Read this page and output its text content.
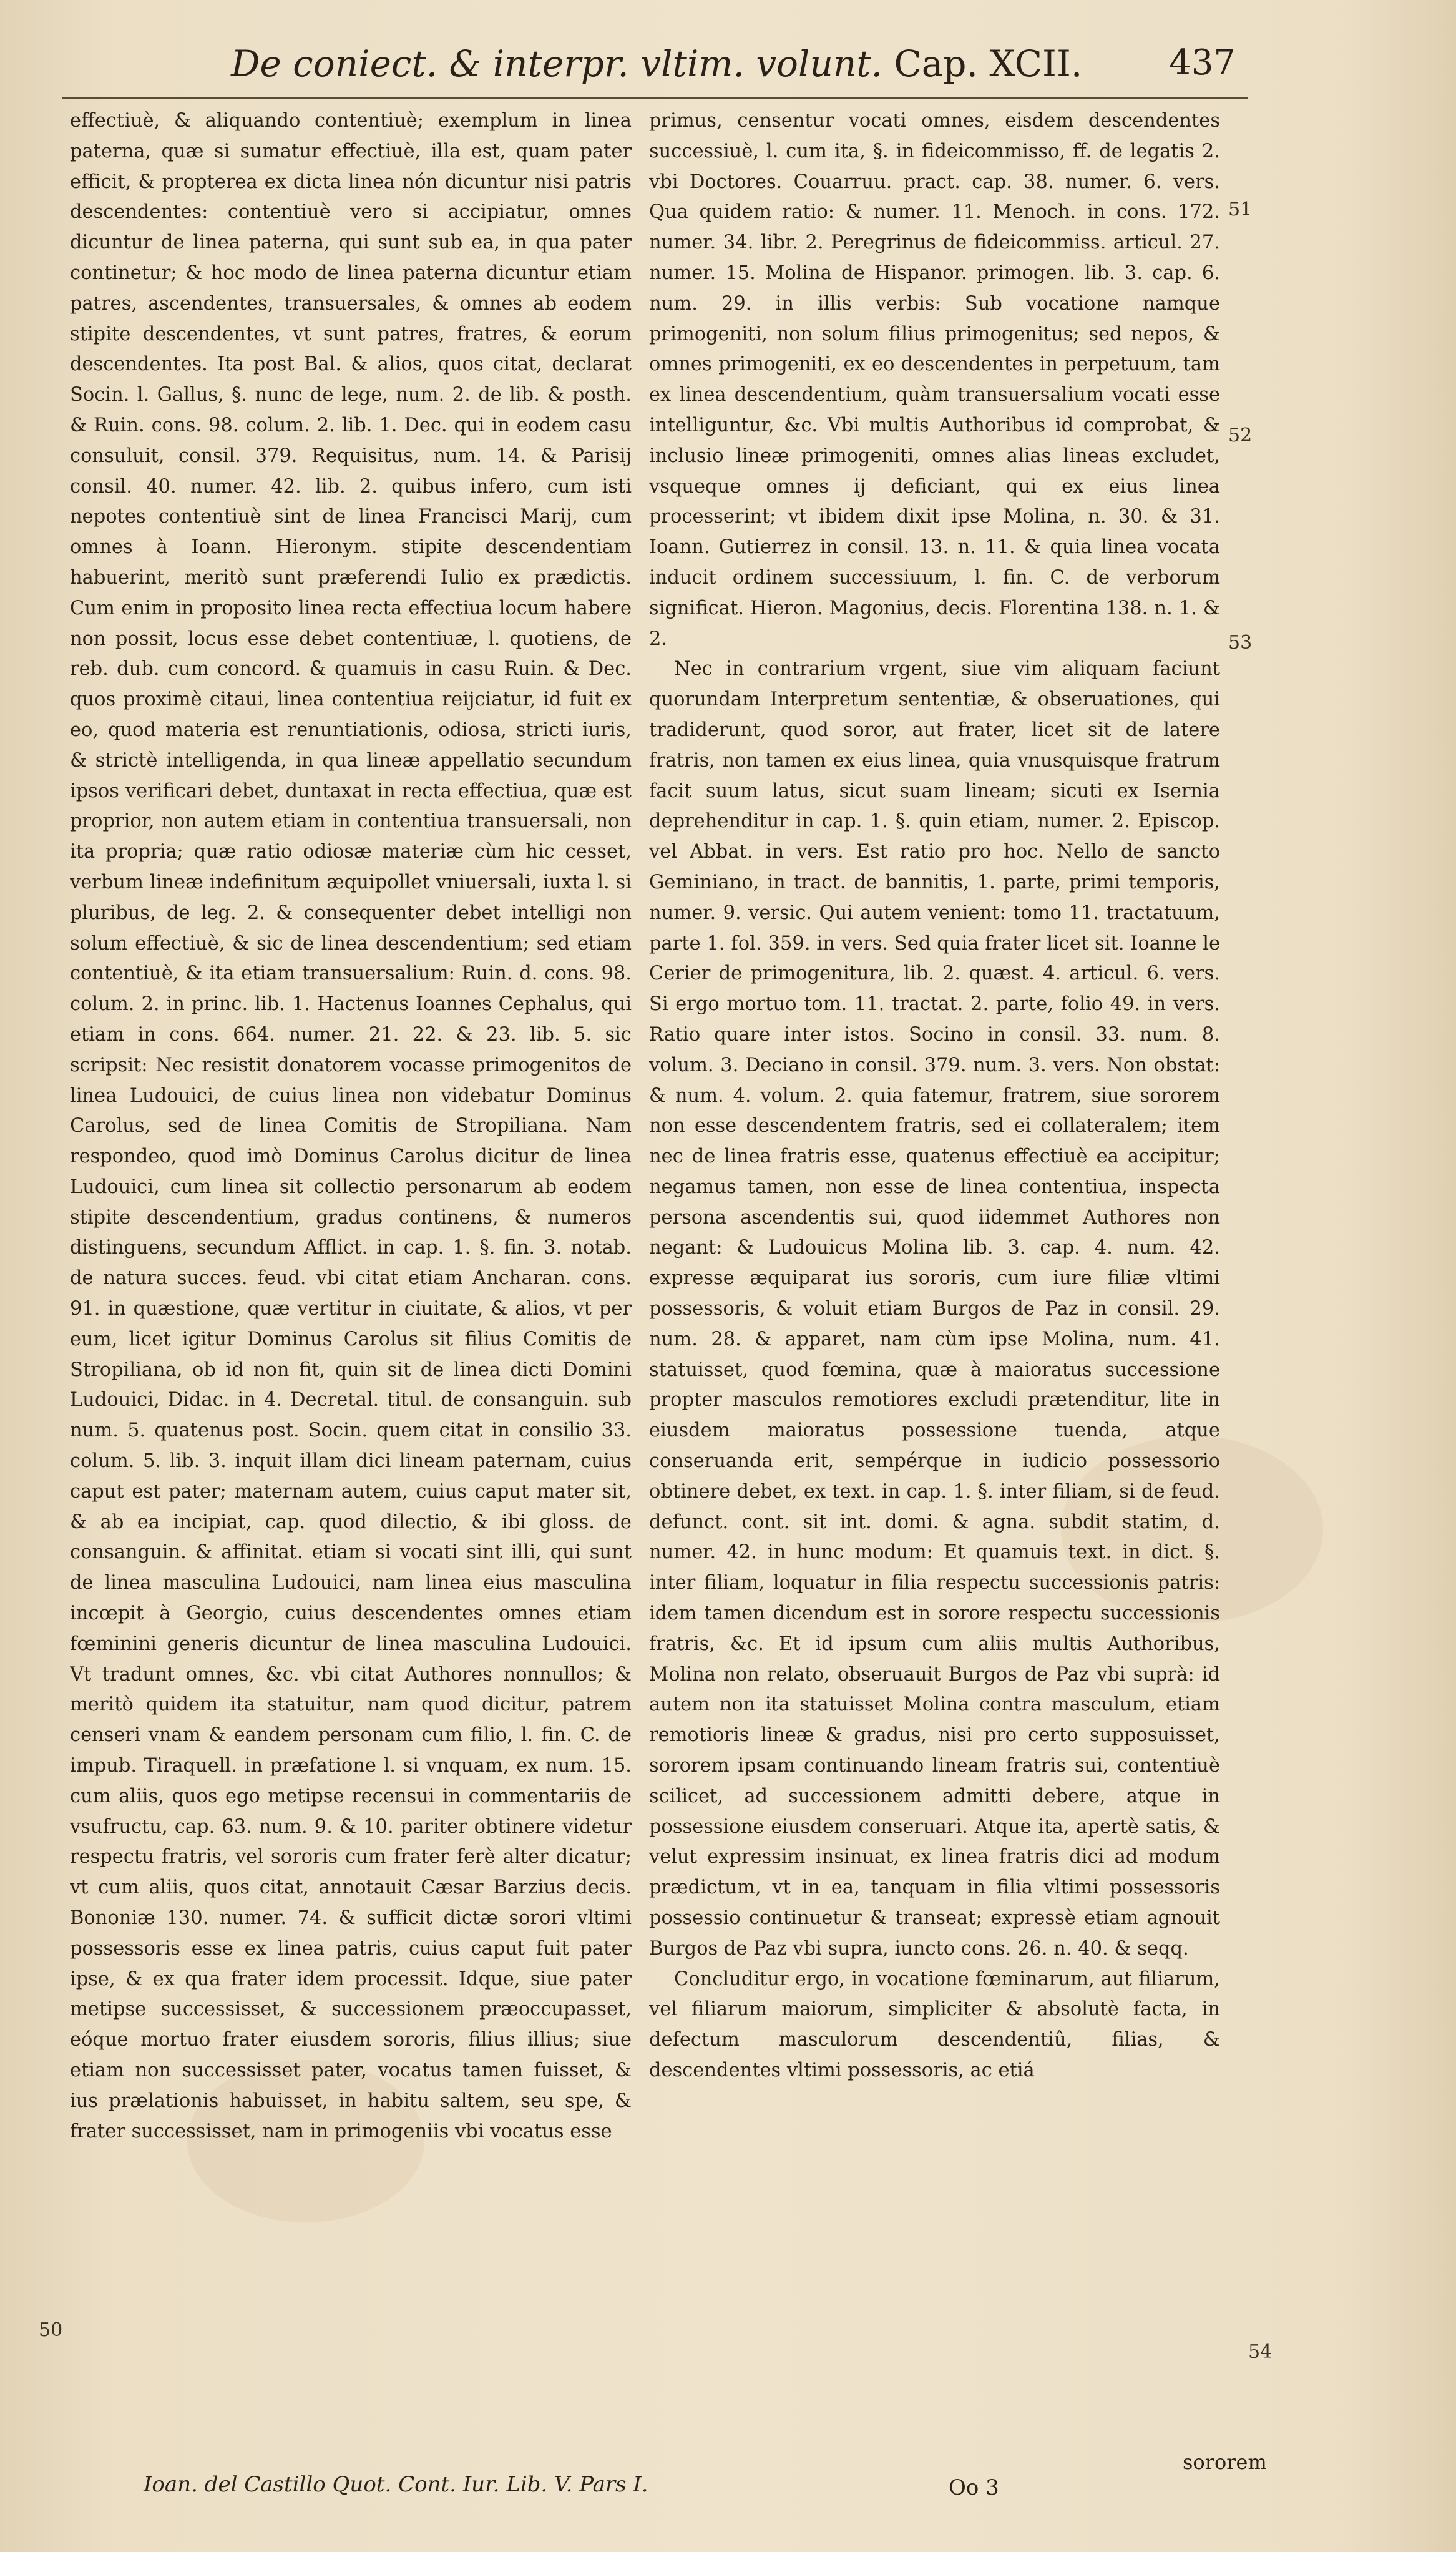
De coniect. & interpr. vltim. volunt. Cap. XCII. 437

effectiuè, & aliquando contentiuè; exemplum in linea paterna, quæ si sumatur effectiuè, illa est, quam pater efficit, & propterea ex dicta linea nón dicuntur nisi patris descendentes: contentiuè vero si accipiatur, omnes dicuntur de linea paterna, qui sunt sub ea, in qua pater continetur; & hoc modo de linea paterna dicuntur etiam patres, ascendentes, transuersales, & omnes ab eodem stipite descendentes, vt sunt patres, fratres, & eorum descendentes. Ita post Bal. & alios, quos citat, declarat Socin. l. Gallus, §. nunc de lege, num. 2. de lib. & posth. & Ruin. cons. 98. colum. 2. lib. 1. Dec. qui in eodem casu consuluit, consil. 379. Requisitus, num. 14. & Parisij consil. 40. numer. 42. lib. 2. quibus infero, cum isti nepotes contentiuè sint de linea Francisci Marij, cum omnes à Ioann. Hieronym. stipite descendentiam habuerint, meritò sunt præferendi Iulio ex prædictis. Cum enim in proposito linea recta effectiua locum habere non possit, locus esse debet contentiuæ, l. quotiens, de reb. dub. cum concord. & quamuis in casu Ruin. & Dec. quos proximè citaui, linea contentiua reijciatur, id fuit ex eo, quod materia est renuntiationis, odiosa, stricti iuris, & strictè intelligenda, in qua lineæ appellatio secundum ipsos verificari debet, duntaxat in recta effectiua, quæ est proprior, non autem etiam in contentiua transuersali, non ita propria; quæ ratio odiosæ materiæ cùm hic cesset, verbum lineæ indefinitum æquipollet vniuersali, iuxta l. si pluribus, de leg. 2. & consequenter debet intelligi non solum effectiuè, & sic de linea descendentium; sed etiam contentiuè, & ita etiam transuersalium: Ruin. d. cons. 98. colum. 2. in princ. lib. 1. Hactenus Ioannes Cephalus, qui etiam in cons. 664. numer. 21. 22. & 23. lib. 5. sic scripsit: Nec resistit donatorem vocasse primogenitos de linea Ludouici, de cuius linea non videbatur Dominus Carolus, sed de linea Comitis de Stropiliana. Nam respondeo, quod imò Dominus Carolus dicitur de linea Ludouici, cum linea sit collectio personarum ab eodem stipite descendentium, gradus continens, & numeros distinguens, secundum Afflict. in cap. 1. §. fin. 3. notab. de natura succes. feud. vbi citat etiam Ancharan. cons. 91. in quæstione, quæ vertitur in ciuitate, & alios, vt per eum, licet igitur Dominus Carolus sit filius Comitis de Stropiliana, ob id non fit, quin sit de linea dicti Domini Ludouici, Didac. in 4. Decretal. titul. de consanguin. sub num. 5. quatenus post. Socin. quem citat in consilio 33. colum. 5. lib. 3. inquit illam dici lineam paternam, cuius caput est pater; maternam autem, cuius caput mater sit, & ab ea incipiat, cap. quod dilectio, & ibi gloss. de consanguin. & affinitat. etiam si vocati sint illi, qui sunt de linea masculina Ludouici, nam linea eius masculina incœpit à Georgio, cuius descendentes omnes etiam fœminini generis dicuntur de linea masculina Ludouici. Vt tradunt omnes, &c. vbi citat Authores nonnullos; & meritò quidem ita statuitur, nam quod dicitur, patrem censeri vnam & eandem personam cum filio, l. fin. C. de impub. Tiraquell. in præfatione l. si vnquam, ex num. 15. cum aliis, quos ego metipse recensui in commentariis de vsufructu, cap. 63. num. 9. & 10. pariter obtinere videtur respectu fratris, vel sororis cum frater ferè alter dicatur; vt cum aliis, quos citat, annotauit Cæsar Barzius decis. Bononiæ 130. numer. 74. & sufficit dictæ sorori vltimi possessoris esse ex linea patris, cuius caput fuit pater ipse, & ex qua frater idem processit. Idque, siue pater metipse successisset, & successionem præoccupasset, eóque mortuo frater eiusdem sororis, filius illius; siue etiam non successisset pater, vocatus tamen fuisset, & ius prælationis habuisset, in habitu saltem, seu spe, & frater successisset, nam in primogeniis vbi vocatus esse

primus, censentur vocati omnes, eisdem descendentes successiuè, l. cum ita, §. in fideicommisso, ff. de legatis 2. vbi Doctores. Couarruu. pract. cap. 38. numer. 6. vers. Qua quidem ratio: & numer. 11. Menoch. in cons. 172. numer. 34. libr. 2. Peregrinus de fideicommiss. articul. 27. numer. 15. Molina de Hispanor. primogen. lib. 3. cap. 6. num. 29. in illis verbis: Sub vocatione namque primogeniti, non solum filius primogenitus; sed nepos, & omnes primogeniti, ex eo descendentes in perpetuum, tam ex linea descendentium, quàm transuersalium vocati esse intelliguntur, &c. Vbi multis Authoribus id comprobat, & inclusio lineæ primogeniti, omnes alias lineas excludet, vsqueque omnes ij deficiant, qui ex eius linea processerint; vt ibidem dixit ipse Molina, n. 30. & 31. Ioann. Gutierrez in consil. 13. n. 11. & quia linea vocata inducit ordinem successiuum, l. fin. C. de verborum significat. Hieron. Magonius, decis. Florentina 138. n. 1. & 2.

Nec in contrarium vrgent, siue vim aliquam faciunt quorundam Interpretum sententiæ, & obseruationes, qui tradiderunt, quod soror, aut frater, licet sit de latere fratris, non tamen ex eius linea, quia vnusquisque fratrum facit suum latus, sicut suam lineam; sicuti ex Isernia deprehenditur in cap. 1. §. quin etiam, numer. 2. Episcop. vel Abbat. in vers. Est ratio pro hoc. Nello de sancto Geminiano, in tract. de bannitis, 1. parte, primi temporis, numer. 9. versic. Qui autem venient: tomo 11. tractatuum, parte 1. fol. 359. in vers. Sed quia frater licet sit. Ioanne le Cerier de primogenitura, lib. 2. quæst. 4. articul. 6. vers. Si ergo mortuo tom. 11. tractat. 2. parte, folio 49. in vers. Ratio quare inter istos. Socino in consil. 33. num. 8. volum. 3. Deciano in consil. 379. num. 3. vers. Non obstat: & num. 4. volum. 2. quia fatemur, fratrem, siue sororem non esse descendentem fratris, sed ei collateralem; item nec de linea fratris esse, quatenus effectiuè ea accipitur; negamus tamen, non esse de linea contentiua, inspecta persona ascendentis sui, quod iidemmet Authores non negant: & Ludouicus Molina lib. 3. cap. 4. num. 42. expresse æquiparat ius sororis, cum iure filiæ vltimi possessoris, & voluit etiam Burgos de Paz in consil. 29. num. 28. & apparet, nam cùm ipse Molina, num. 41. statuisset, quod fœmina, quæ à maioratus successione propter masculos remotiores excludi prætenditur, lite in eiusdem maioratus possessione tuenda, atque conseruanda erit, sempérque in iudicio possessorio obtinere debet, ex text. in cap. 1. §. inter filiam, si de feud. defunct. cont. sit int. domi. & agna. subdit statim, d. numer. 42. in hunc modum: Et quamuis text. in dict. §. inter filiam, loquatur in filia respectu successionis patris: idem tamen dicendum est in sorore respectu successionis fratris, &c. Et id ipsum cum aliis multis Authoribus, Molina non relato, obseruauit Burgos de Paz vbi suprà: id autem non ita statuisset Molina contra masculum, etiam remotioris lineæ & gradus, nisi pro certo supposuisset, sororem ipsam continuando lineam fratris sui, contentiuè scilicet, ad successionem admitti debere, atque in possessione eiusdem conseruari. Atque ita, apertè satis, & velut expressim insinuat, ex linea fratris dici ad modum prædictum, vt in ea, tanquam in filia vltimi possessoris possessio continuetur & transeat; expressè etiam agnouit Burgos de Paz vbi supra, iuncto cons. 26. n. 40. & seqq.

Concluditur ergo, in vocatione fœminarum, aut filiarum, vel filiarum maiorum, simpliciter & absolutè facta, in defectum masculorum descendentiû, filias, & descendentes vltimi possessoris, ac etiá

51
52
53
54
50
Ioan. del Castillo Quot. Cont. Iur. Lib. V. Pars I.	Oo 3
sororem
